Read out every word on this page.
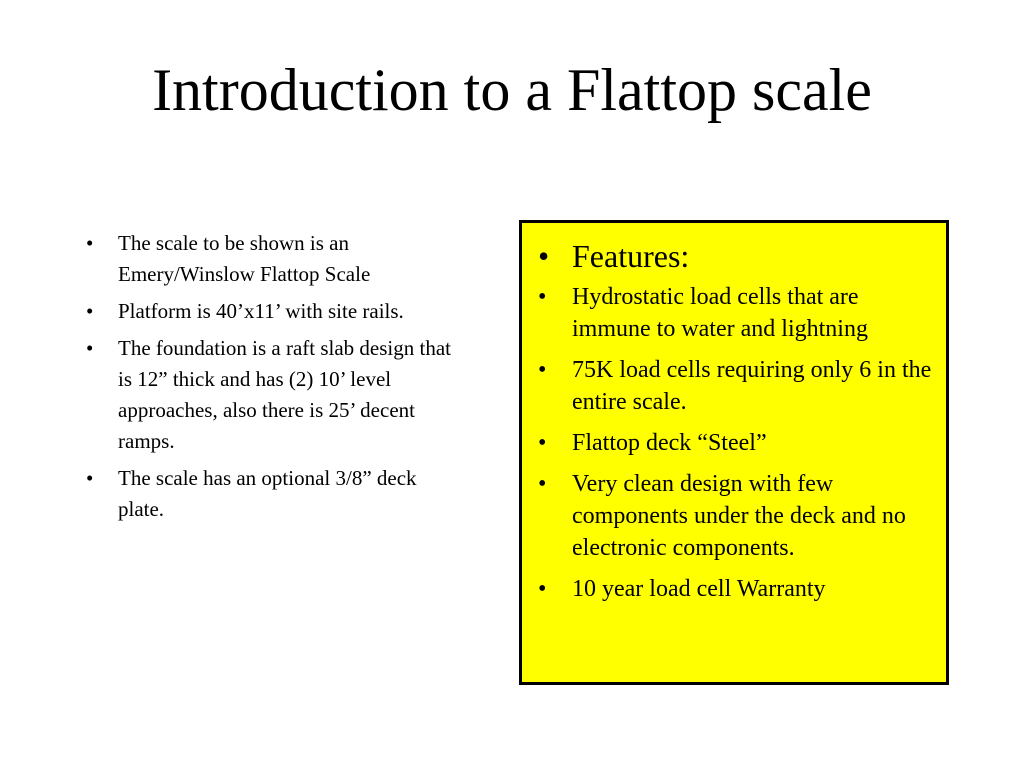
Introduction to a Flattop scale
• The scale to be shown is an Emery/Winslow Flattop Scale
• Platform is 40’x11’ with site rails.
• The foundation is a raft slab design that is 12” thick and has (2) 10’ level approaches, also there is 25’ decent ramps.
• The scale has an optional 3/8” deck plate.
• Features:
• Hydrostatic load cells that are immune to water and lightning
• 75K load cells requiring only 6 in the entire scale.
• Flattop deck “Steel”
• Very clean design with few components under the deck and no electronic components.
• 10 year load cell Warranty
